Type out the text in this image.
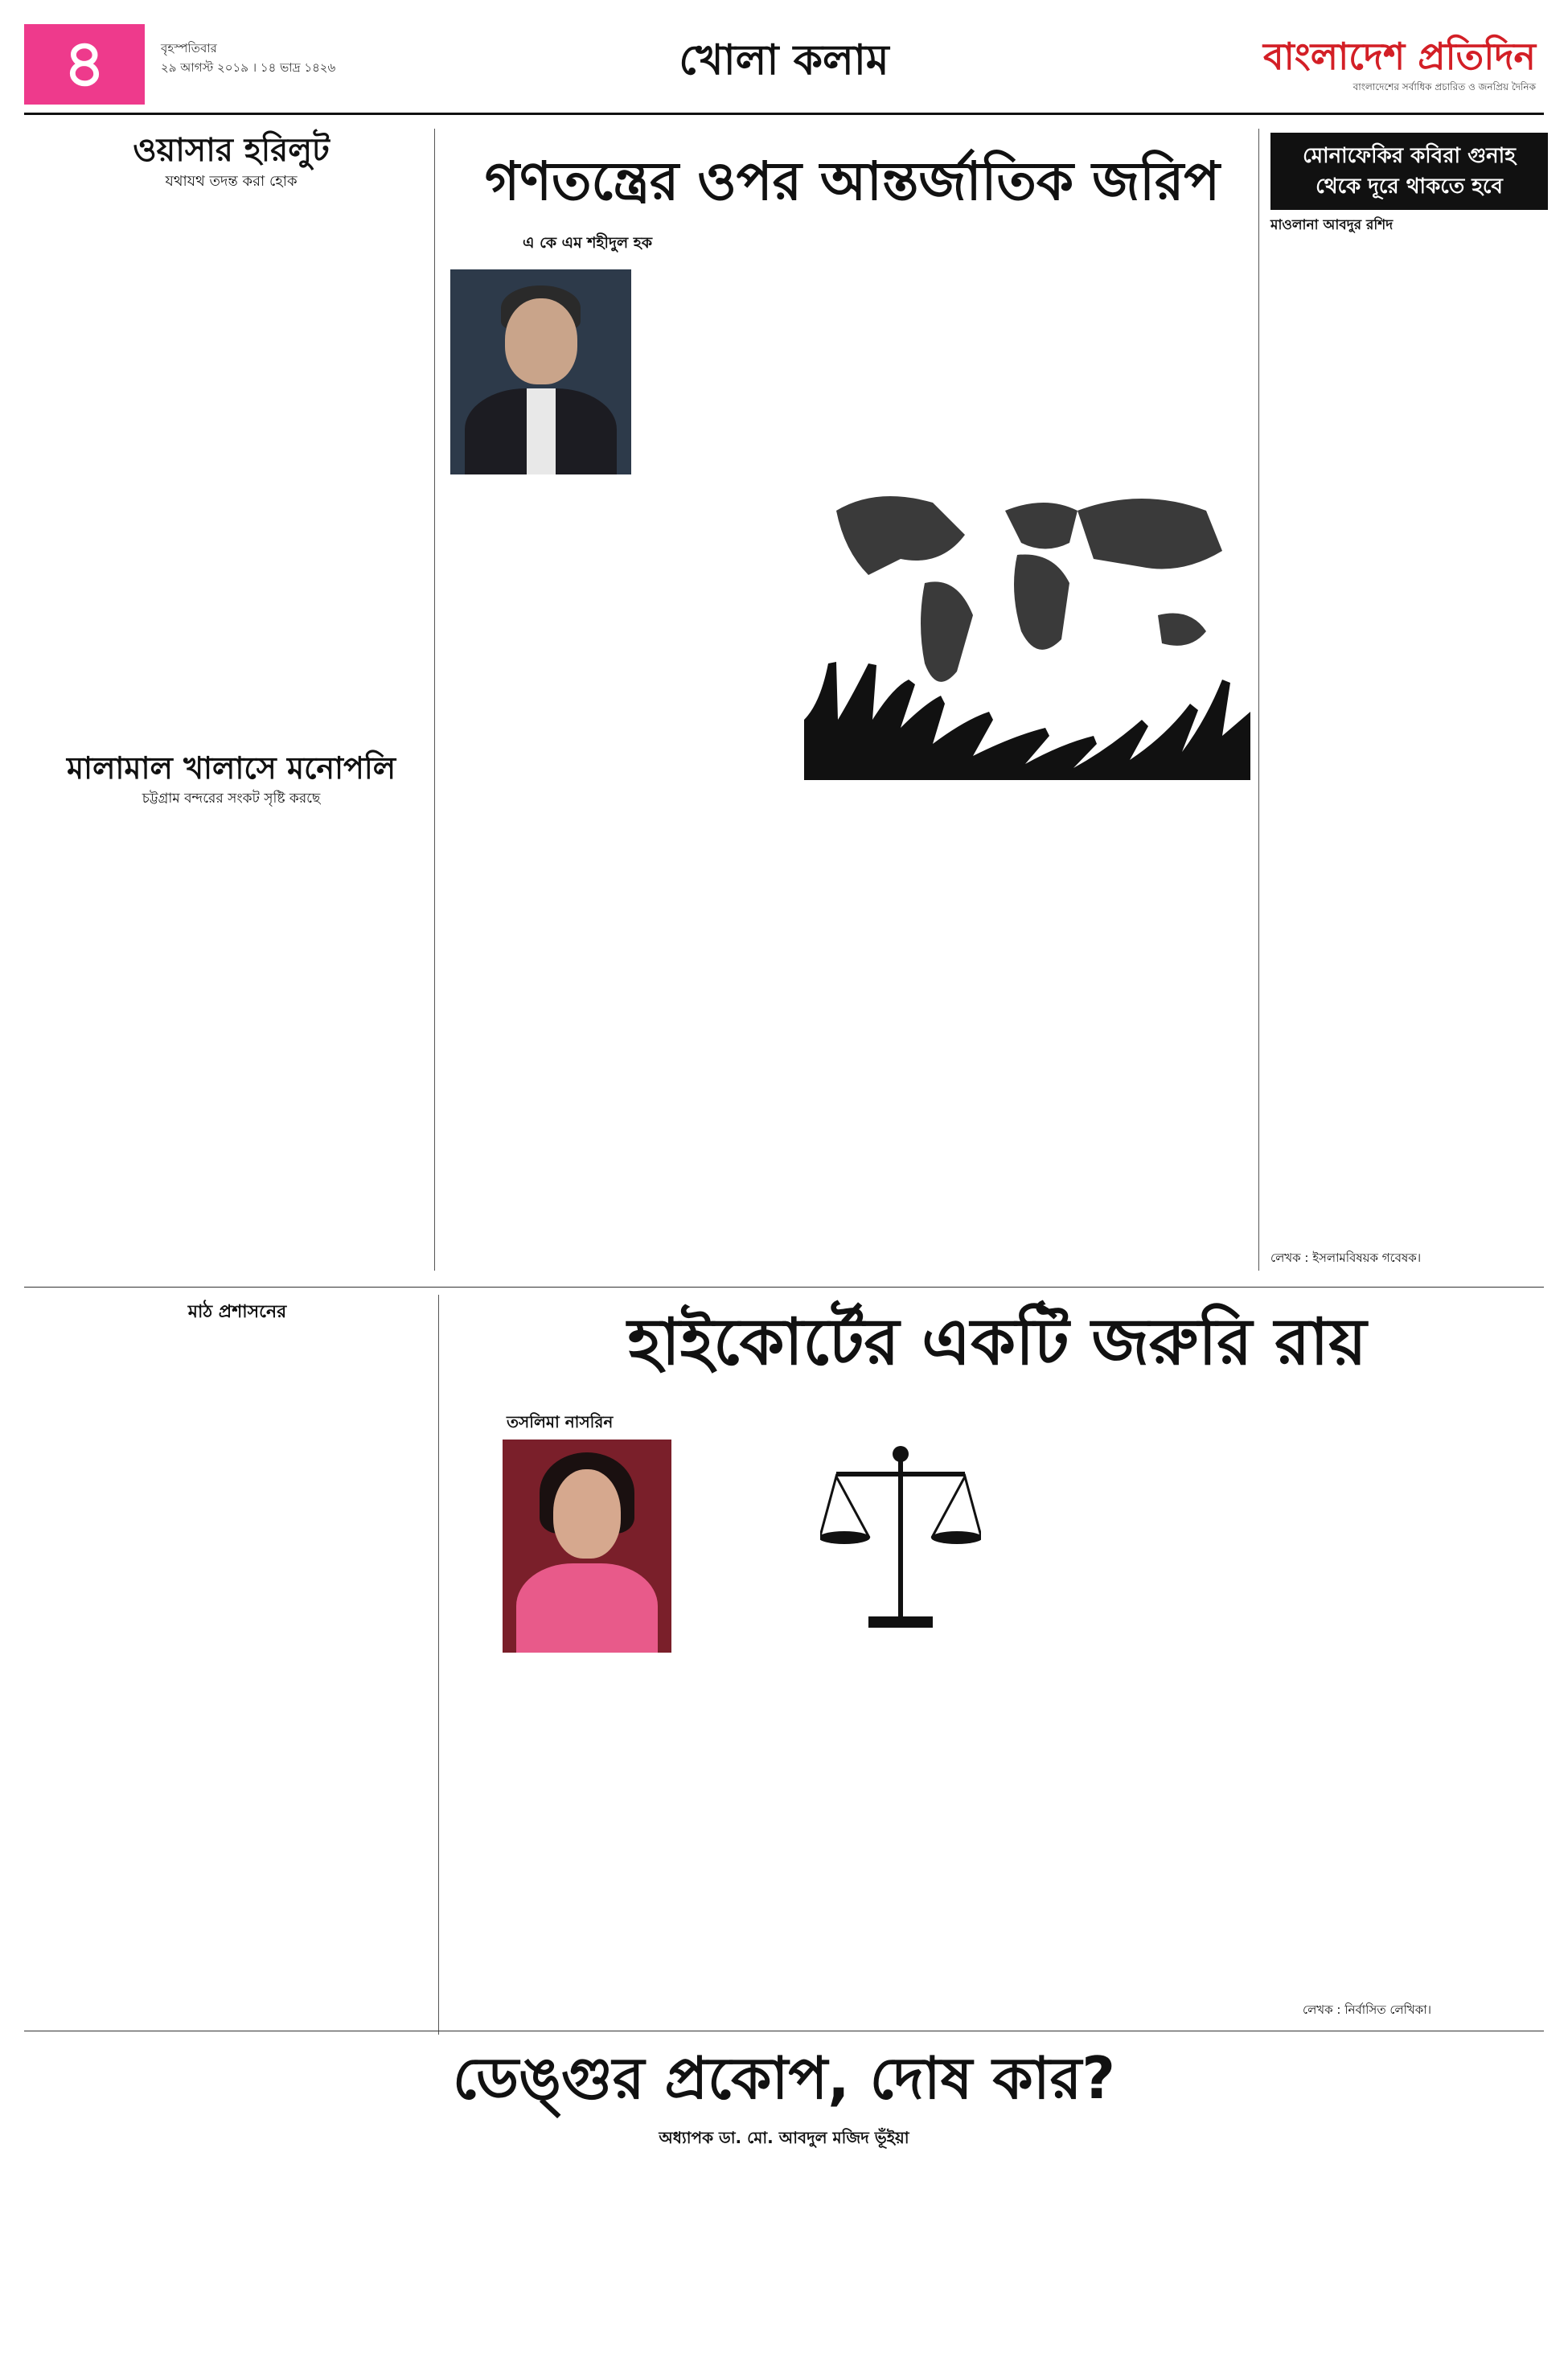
৪	বৃহস্পতিবার
২৯ আগস্ট ২০১৯ । ১৪ ভাদ্র ১৪২৬	খোলা কলাম	বাংলাদেশ প্রতিদিন
বাংলাদেশের সর্বাধিক প্রচারিত ও জনপ্রিয় দৈনিক
ওয়াসার হরিলুট
যথাযথ তদন্ত করা হোক
মালামাল খালাসে মনোপলি
চট্টগ্রাম বন্দরের সংকট সৃষ্টি করছে
গণতন্ত্রের ওপর আন্তর্জাতিক জরিপ
এ কে এম শহীদুল হক
মোনাফেকির কবিরা গুনাহ থেকে দূরে থাকতে হবে
মাওলানা আবদুর রশিদ
লেখক : ইসলামবিষয়ক গবেষক।
হাইকোর্টের একটি জরুরি রায়
তসলিমা নাসরিন
লেখক : নির্বাসিত লেখিকা।
মাঠ প্রশাসনের
ডেঙ্গুর প্রকোপ, দোষ কার?
অধ্যাপক ডা. মো. আবদুল মজিদ ভূঁইয়া
